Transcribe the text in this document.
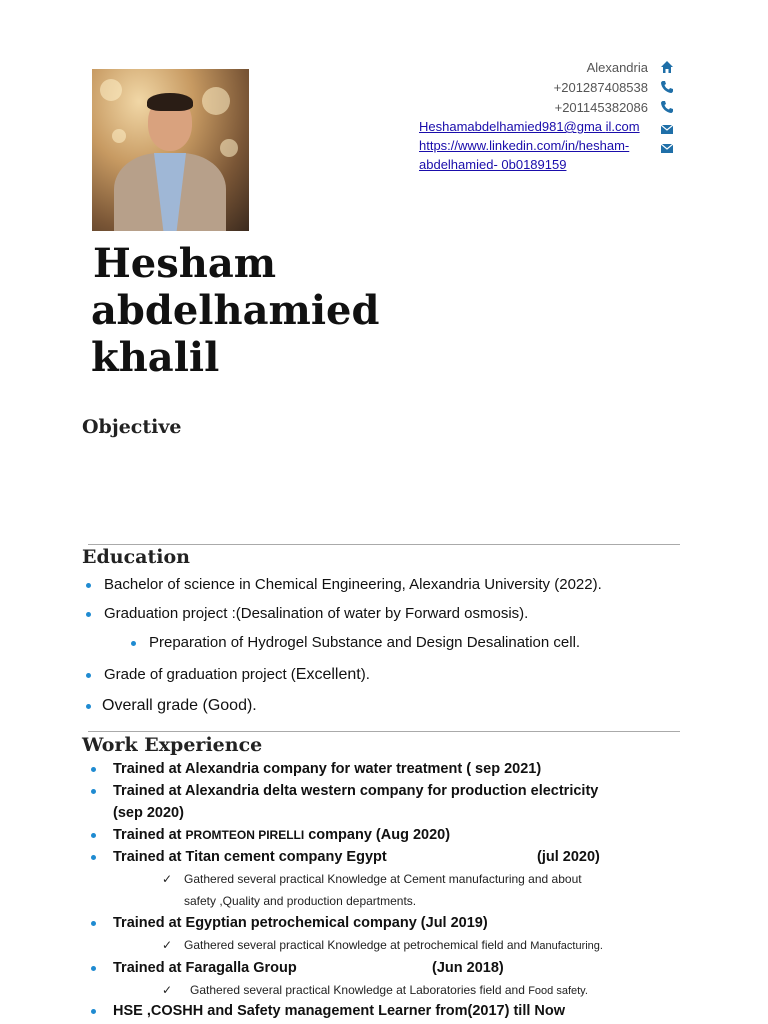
Alexandria
+201287408538
+201145382086
Heshamabdelhamied981@gma il.com
https://www.linkedin.com/in/hesham-
abdelhamied- 0b0189159
Hesham
abdelhamied
khalil
Objective
Education
Bachelor of science in Chemical Engineering, Alexandria University (2022).
Graduation project :(Desalination of water by Forward osmosis).
Preparation of Hydrogel Substance and Design Desalination cell.
Grade of graduation project (Excellent).
Overall grade (Good).
Work Experience
Trained at Alexandria company for water treatment ( sep 2021)
Trained at Alexandria delta western company for production electricity
(sep 2020)
Trained at PROMTEON PIRELLI company (Aug 2020)
Trained at Titan cement company Egypt	(jul 2020)
✓ Gathered several practical Knowledge at Cement manufacturing and about
safety ,Quality and production departments.
Trained at Egyptian petrochemical company (Jul 2019)
✓ Gathered several practical Knowledge at petrochemical field and Manufacturing.
Trained at Faragalla Group	(Jun 2018)
✓	Gathered several practical Knowledge at Laboratories field and Food safety.
HSE ,COSHH and Safety management Learner from(2017) till Now
